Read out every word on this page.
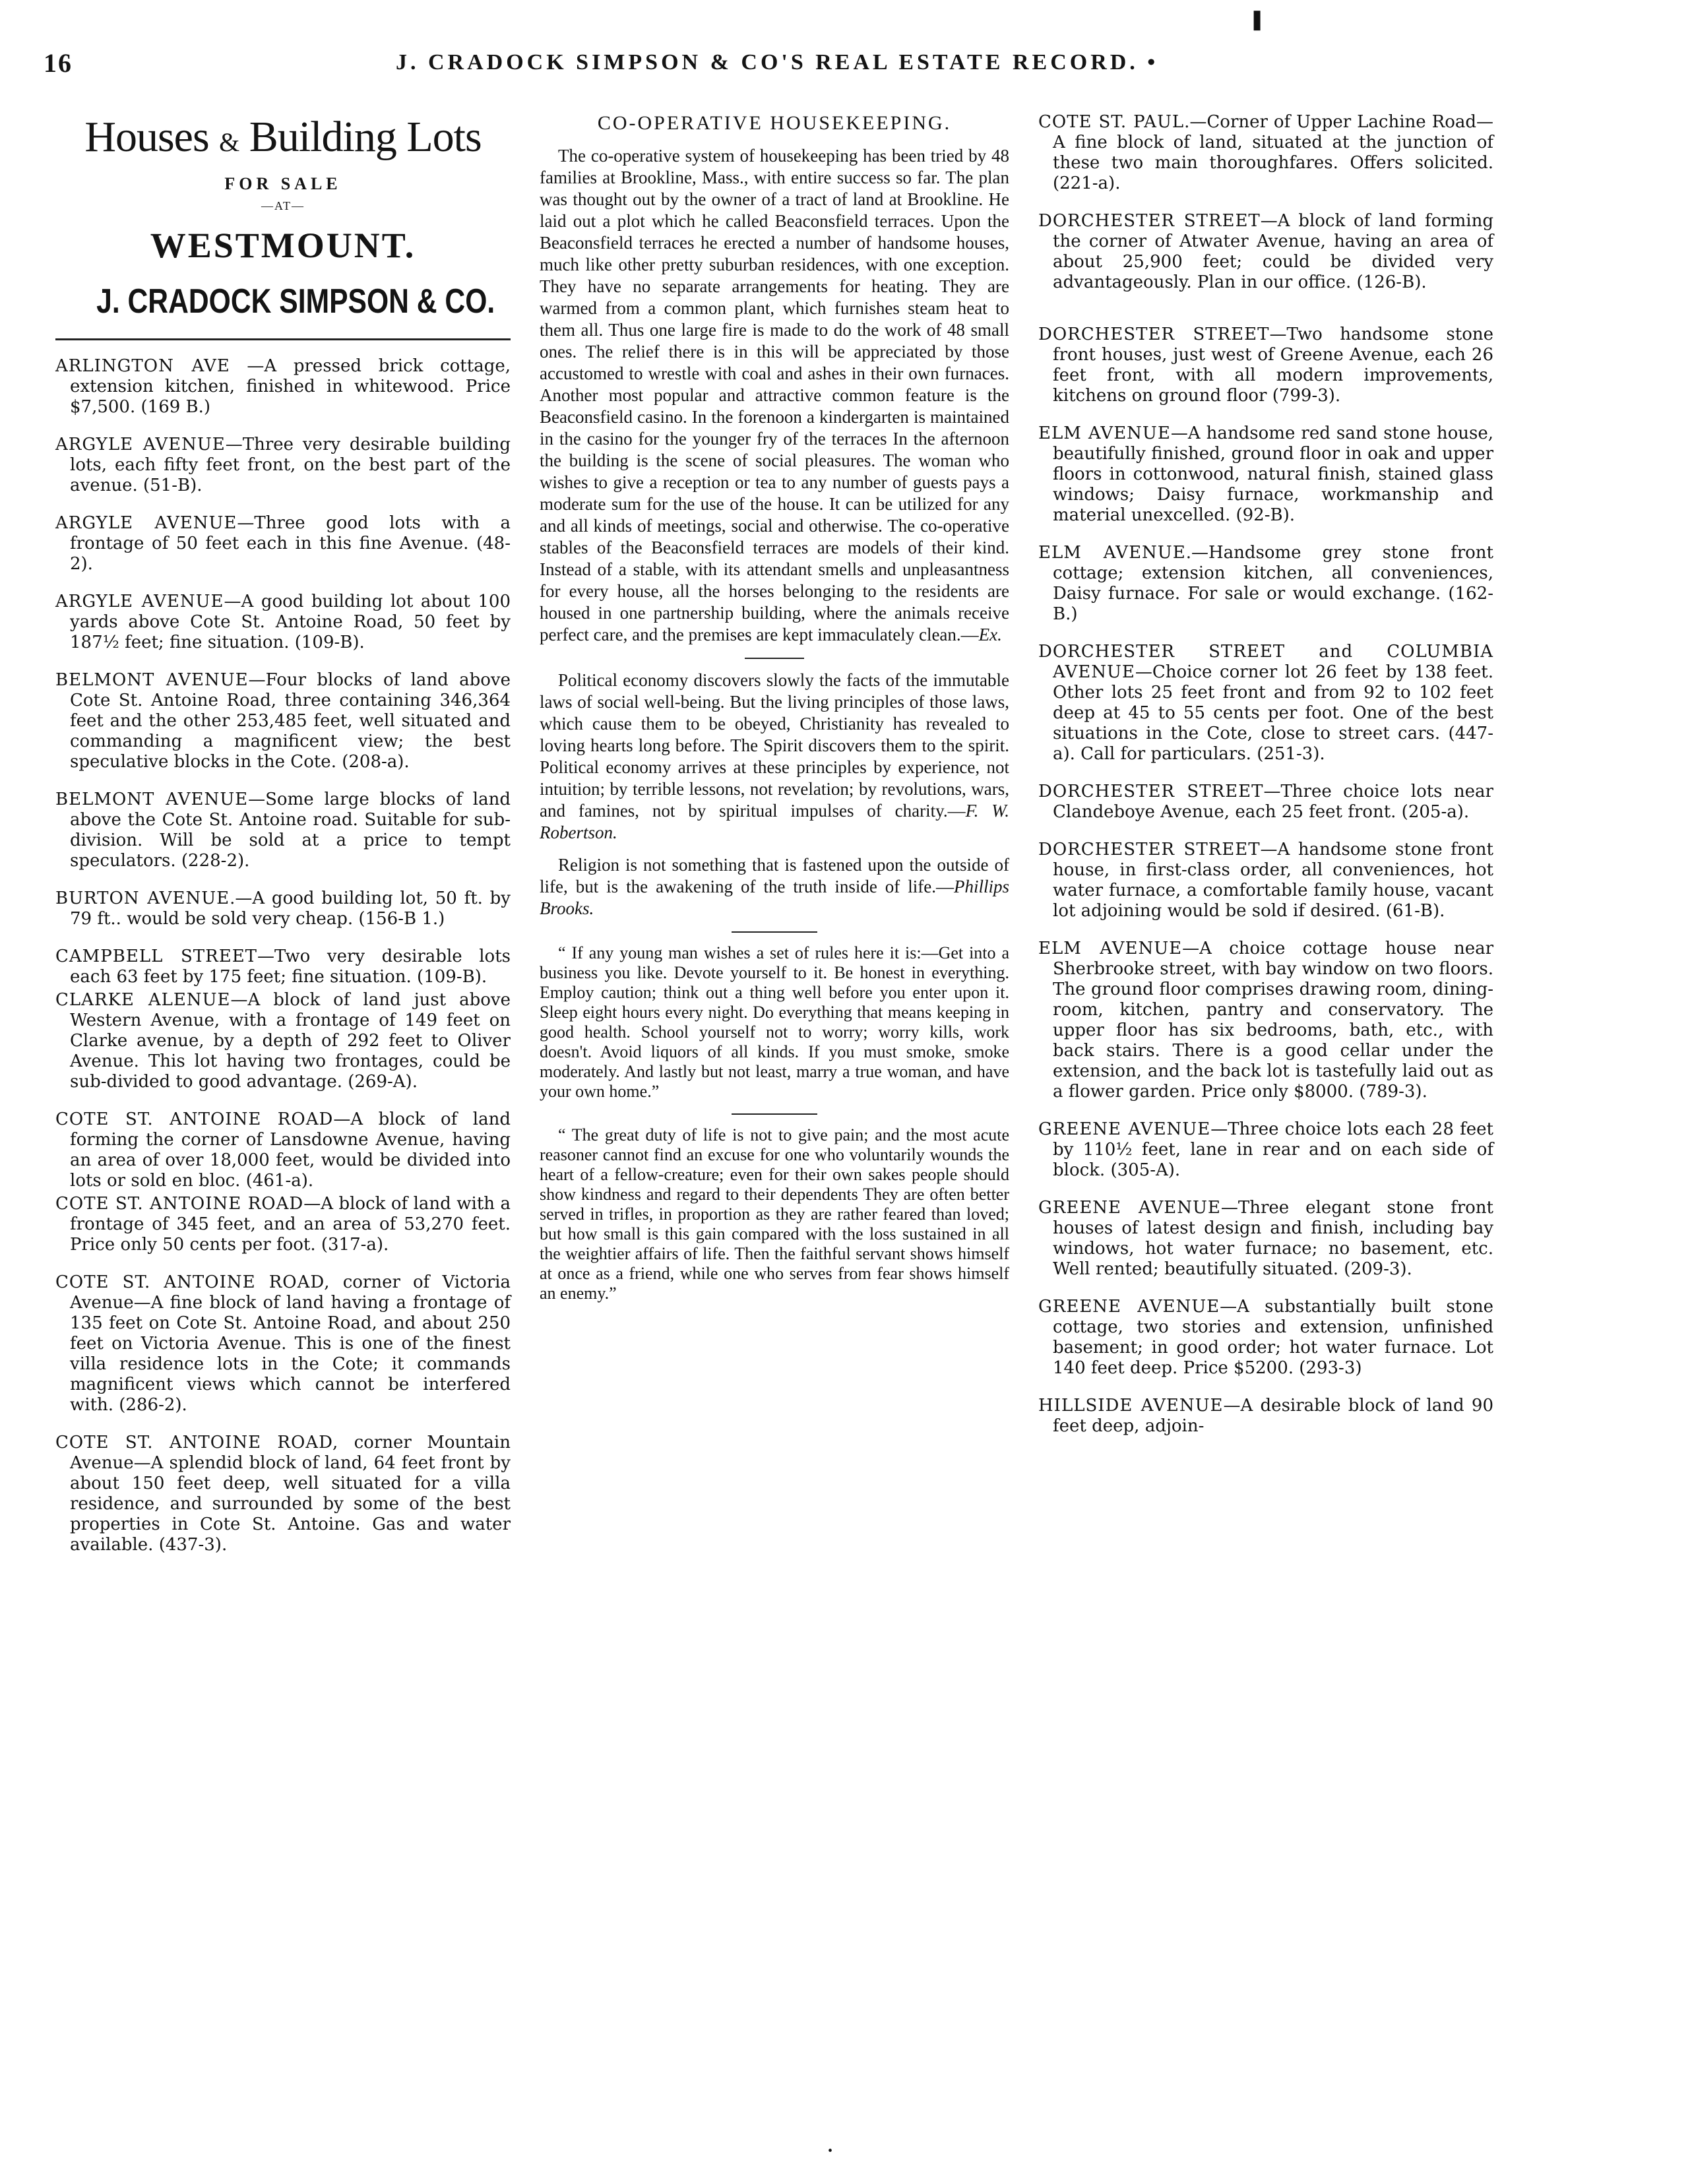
16	J. CRADOCK SIMPSON & CO'S REAL ESTATE RECORD. •
❚
Houses & Building Lots
FOR SALE
—AT—
WESTMOUNT.
J. CRADOCK SIMPSON & CO.
ARLINGTON AVE —A pressed brick cottage, extension kitchen, finished in whitewood. Price $7,500. (169 B.)
ARGYLE AVENUE—Three very desirable building lots, each fifty feet front, on the best part of the avenue. (51-B).
ARGYLE AVENUE—Three good lots with a frontage of 50 feet each in this fine Avenue. (48-2).
ARGYLE AVENUE—A good building lot about 100 yards above Cote St. Antoine Road, 50 feet by 187½ feet; fine situation. (109-B).
BELMONT AVENUE—Four blocks of land above Cote St. Antoine Road, three containing 346,364 feet and the other 253,485 feet, well situated and commanding a magnificent view; the best speculative blocks in the Cote. (208-a).
BELMONT AVENUE—Some large blocks of land above the Cote St. Antoine road. Suitable for sub-division. Will be sold at a price to tempt speculators. (228-2).
BURTON AVENUE.—A good building lot, 50 ft. by 79 ft.. would be sold very cheap. (156-B 1.)
CAMPBELL STREET—Two very desirable lots each 63 feet by 175 feet; fine situation. (109-B).
CLARKE ALENUE—A block of land just above Western Avenue, with a frontage of 149 feet on Clarke avenue, by a depth of 292 feet to Oliver Avenue. This lot having two frontages, could be sub-divided to good advantage. (269-A).
COTE ST. ANTOINE ROAD—A block of land forming the corner of Lansdowne Avenue, having an area of over 18,000 feet, would be divided into lots or sold en bloc. (461-a).
COTE ST. ANTOINE ROAD—A block of land with a frontage of 345 feet, and an area of 53,270 feet. Price only 50 cents per foot. (317-a).
COTE ST. ANTOINE ROAD, corner of Victoria Avenue—A fine block of land having a frontage of 135 feet on Cote St. Antoine Road, and about 250 feet on Victoria Avenue. This is one of the finest villa residence lots in the Cote; it commands magnificent views which cannot be interfered with. (286-2).
COTE ST. ANTOINE ROAD, corner Mountain Avenue—A splendid block of land, 64 feet front by about 150 feet deep, well situated for a villa residence, and surrounded by some of the best properties in Cote St. Antoine. Gas and water available. (437-3).
CO-OPERATIVE HOUSEKEEPING.
The co-operative system of housekeeping has been tried by 48 families at Brookline, Mass., with entire success so far. The plan was thought out by the owner of a tract of land at Brookline. He laid out a plot which he called Beaconsfield terraces. Upon the Beaconsfield terraces he erected a number of handsome houses, much like other pretty suburban residences, with one exception. They have no separate arrangements for heating. They are warmed from a common plant, which furnishes steam heat to them all. Thus one large fire is made to do the work of 48 small ones. The relief there is in this will be appreciated by those accustomed to wrestle with coal and ashes in their own furnaces. Another most popular and attractive common feature is the Beaconsfield casino. In the forenoon a kindergarten is maintained in the casino for the younger fry of the terraces In the afternoon the building is the scene of social pleasures. The woman who wishes to give a reception or tea to any number of guests pays a moderate sum for the use of the house. It can be utilized for any and all kinds of meetings, social and otherwise. The co-operative stables of the Beaconsfield terraces are models of their kind. Instead of a stable, with its attendant smells and unpleasantness for every house, all the horses belonging to the residents are housed in one partnership building, where the animals receive perfect care, and the premises are kept immaculately clean.—Ex.
Political economy discovers slowly the facts of the immutable laws of social well-being. But the living principles of those laws, which cause them to be obeyed, Christianity has revealed to loving hearts long before. The Spirit discovers them to the spirit. Political economy arrives at these principles by experience, not intuition; by terrible lessons, not revelation; by revolutions, wars, and famines, not by spiritual impulses of charity.—F. W. Robertson.
Religion is not something that is fastened upon the outside of life, but is the awakening of the truth inside of life.—Phillips Brooks.
“ If any young man wishes a set of rules here it is:—Get into a business you like. Devote yourself to it. Be honest in everything. Employ caution; think out a thing well before you enter upon it. Sleep eight hours every night. Do everything that means keeping in good health. School yourself not to worry; worry kills, work doesn't. Avoid liquors of all kinds. If you must smoke, smoke moderately. And lastly but not least, marry a true woman, and have your own home.”
“ The great duty of life is not to give pain; and the most acute reasoner cannot find an excuse for one who voluntarily wounds the heart of a fellow-creature; even for their own sakes people should show kindness and regard to their dependents They are often better served in trifles, in proportion as they are rather feared than loved; but how small is this gain compared with the loss sustained in all the weightier affairs of life. Then the faithful servant shows himself at once as a friend, while one who serves from fear shows himself an enemy.”
COTE ST. PAUL.—Corner of Upper Lachine Road—A fine block of land, situated at the junction of these two main thoroughfares. Offers solicited. (221-a).
DORCHESTER STREET—A block of land forming the corner of Atwater Avenue, having an area of about 25,900 feet; could be divided very advantageously. Plan in our office. (126-B).
DORCHESTER STREET—Two handsome stone front houses, just west of Greene Avenue, each 26 feet front, with all modern improvements, kitchens on ground floor (799-3).
ELM AVENUE—A handsome red sand stone house, beautifully finished, ground floor in oak and upper floors in cottonwood, natural finish, stained glass windows; Daisy furnace, workmanship and material unexcelled. (92-B).
ELM AVENUE.—Handsome grey stone front cottage; extension kitchen, all conveniences, Daisy furnace. For sale or would exchange. (162-B.)
DORCHESTER STREET and COLUMBIA AVENUE—Choice corner lot 26 feet by 138 feet. Other lots 25 feet front and from 92 to 102 feet deep at 45 to 55 cents per foot. One of the best situations in the Cote, close to street cars. (447-a). Call for particulars. (251-3).
DORCHESTER STREET—Three choice lots near Clandeboye Avenue, each 25 feet front. (205-a).
DORCHESTER STREET—A handsome stone front house, in first-class order, all conveniences, hot water furnace, a comfortable family house, vacant lot adjoining would be sold if desired. (61-B).
ELM AVENUE—A choice cottage house near Sherbrooke street, with bay window on two floors. The ground floor comprises drawing room, dining-room, kitchen, pantry and conservatory. The upper floor has six bedrooms, bath, etc., with back stairs. There is a good cellar under the extension, and the back lot is tastefully laid out as a flower garden. Price only $8000. (789-3).
GREENE AVENUE—Three choice lots each 28 feet by 110½ feet, lane in rear and on each side of block. (305-A).
GREENE AVENUE—Three elegant stone front houses of latest design and finish, including bay windows, hot water furnace; no basement, etc. Well rented; beautifully situated. (209-3).
GREENE AVENUE—A substantially built stone cottage, two stories and extension, unfinished basement; in good order; hot water furnace. Lot 140 feet deep. Price $5200. (293-3)
HILLSIDE AVENUE—A desirable block of land 90 feet deep, adjoin-
•
